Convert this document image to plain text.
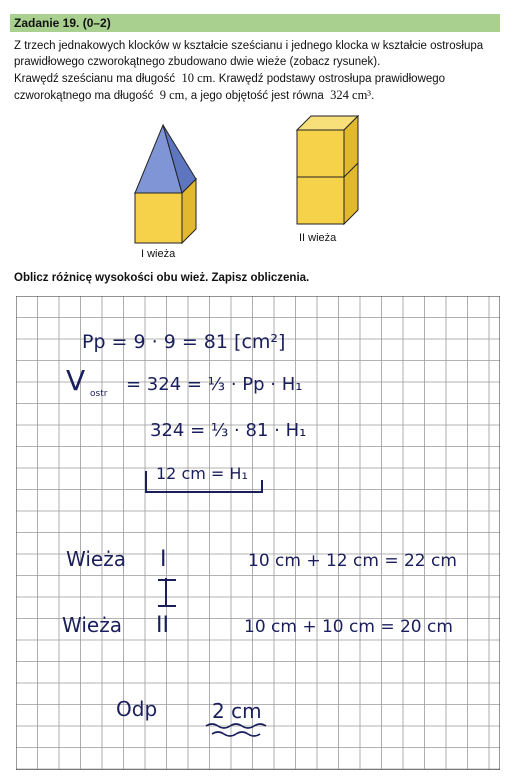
Zadanie 19. (0–2)

Z trzech jednakowych klocków w kształcie sześcianu i jednego klocka w kształcie ostrosłupa

prawidłowego czworokątnego zbudowano dwie wieże (zobacz rysunek).

Krawędź sześcianu ma długość 10 cm. Krawędź podstawy ostrosłupa prawidłowego

czworokątnego ma długość 9 cm, a jego objętość jest równa 324 cm³.

I wieża
II wieża
Oblicz różnicę wysokości obu wież. Zapisz obliczenia.
Pp = 9 · 9 = 81 [cm²]
V ostr = 324 = ⅓ · Pp · H₁
324 = ⅓ · 81 · H₁
12 cm = H₁
Wieża I	10 cm + 12 cm = 22 cm
Wieża II	10 cm + 10 cm = 20 cm
Odp	2 cm
